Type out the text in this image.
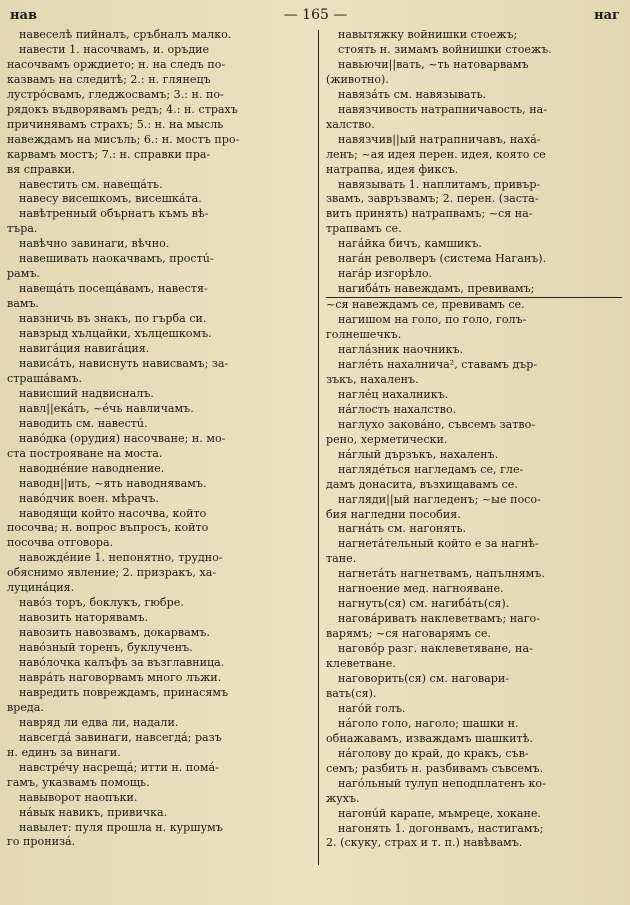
нав	— 165 —	наг
навеселѣ пийналъ, сръбналъ малко.
навести 1. насочвамъ, и. оръдие
насочвамъ орждието; н. на следъ по-
казвамъ на следитѣ; 2.: н. глянецъ
лустрóсвамъ, гледжосвамъ; 3.: н. по-
рядокъ въдворявамъ редъ; 4.: н. страхъ
причинявамъ страхъ; 5.: н. на мысль
навеждамъ на мисъль; 6.: н. мостъ про-
карвамъ мостъ; 7.: н. справки пра-
вя справки.
навестить см. навещáть.
навесу висешкомъ, висешкáта.
навѣтренный обърнатъ къмъ вѣ-
търа.
навѣчно завинаги, вѣчно.
навешивать наокачвамъ, простú-
рамъ.
навещáть посещáвамъ, навестя-
вамъ.
навзничь въ знакъ, по гърба си.
навзрыд хълцайки, хълцешкомъ.
навигáция навигáция.
нависáть, нависнуть нависвамъ; за-
страшáвамъ.
нависший надвисналъ.
навл||екáть, ~éчь навличамъ.
наводить см. навестú.
навóдка (орудия) насочване; н. мо-
ста построяване на моста.
наводнéние наводнение.
наводн||ить, ~ять наводнявамъ.
навóдчик воен. мѣрачъ.
наводящи който насочва, който
посочва; н. вопрос въпросъ, който
посочва отговора.
навождéние 1. непонятно, трудно-
обяснимо явление; 2. призракъ, ха-
луцинáция.
навóз торъ, боклукъ, гюбре.
навозить наторявамъ.
навозить навозвамъ, докарвамъ.
навóзный торенъ, буклученъ.
навóлочка калъфъ за възглавница.
наврáть наговорвамъ много лъжи.
навредить повреждамъ, принасямъ
вреда.
навряд ли едва ли, надали.
навсегдá завинаги, навсегдá; разъ
н. единъ за винаги.
навстрéчу насрещá; итти н. помá-
гамъ, указвамъ помощь.
навыворот наопъки.
нáвык навикъ, привичка.
навылет: пуля прошла н. куршумъ
го пронизá.
навытяжку войнишки стоежъ;
стоять н. зимамъ войнишки стоежъ.
навьючи||вать, ~ть натоварвамъ
(животно).
навязáть см. навязывать.
навязчивость натрапничавость, на-
халство.
навязчив||ый натрапничавъ, нахá-
ленъ; ~ая идея перен. идея, която се
натрапва, идея фиксъ.
навязывать 1. наплитамъ, привър-
звамъ, завръзвамъ; 2. перен. (заста-
вить принять) натрапвамъ; ~ся на-
трапвамъ се.
нагáйка бичъ, камшикъ.
нагáн револверъ (система Наганъ).
нагáр изгорѣло.
нагибáть навеждамъ, превивамъ;
~ся навеждамъ се, превивамъ се.
нагишом на голо, по голо, голъ-
голнешечкъ.
наглáзник наочникъ.
наглéть нахалнича², ставамъ дър-
зъкъ, нахаленъ.
наглéц нахалникъ.
нáглость нахалство.
наглухо заковáно, съвсемъ затво-
рено, херметически.
нáглый дързъкъ, нахаленъ.
нагляде́ться нагледамъ се, гле-
дамъ донасита, възхищавамъ се.
нагляди||ый нагледенъ; ~ые посо-
бия нагледни пособия.
нагнáть см. нагонять.
нагнетáтельный който е за нагнѣ-
тане.
нагнетáть нагнетвамъ, напълнямъ.
нагноение мед. нагнояване.
нагнуть(ся) см. нагибáть(ся).
наговáривать наклеветвамъ; наго-
варямъ; ~ся наговарямъ се.
наговóр разг. наклеветяване, на-
клеветване.
наговорить(ся) см. наговари-
вать(ся).
нагóй голъ.
нáголо голо, наголо; шашки н.
обнажавамъ, изваждамъ шашкитѣ.
нáголову до край, до кракъ, съв-
семъ; разбить н. разбивамъ съвсемъ.
нагóльный тулуп неподплатенъ ко-
жухъ.
нагонúй карапе, мъмреце, хокане.
нагонять 1. догонвамъ, настигамъ;
2. (скуку, страх и т. п.) навѣвамъ.
